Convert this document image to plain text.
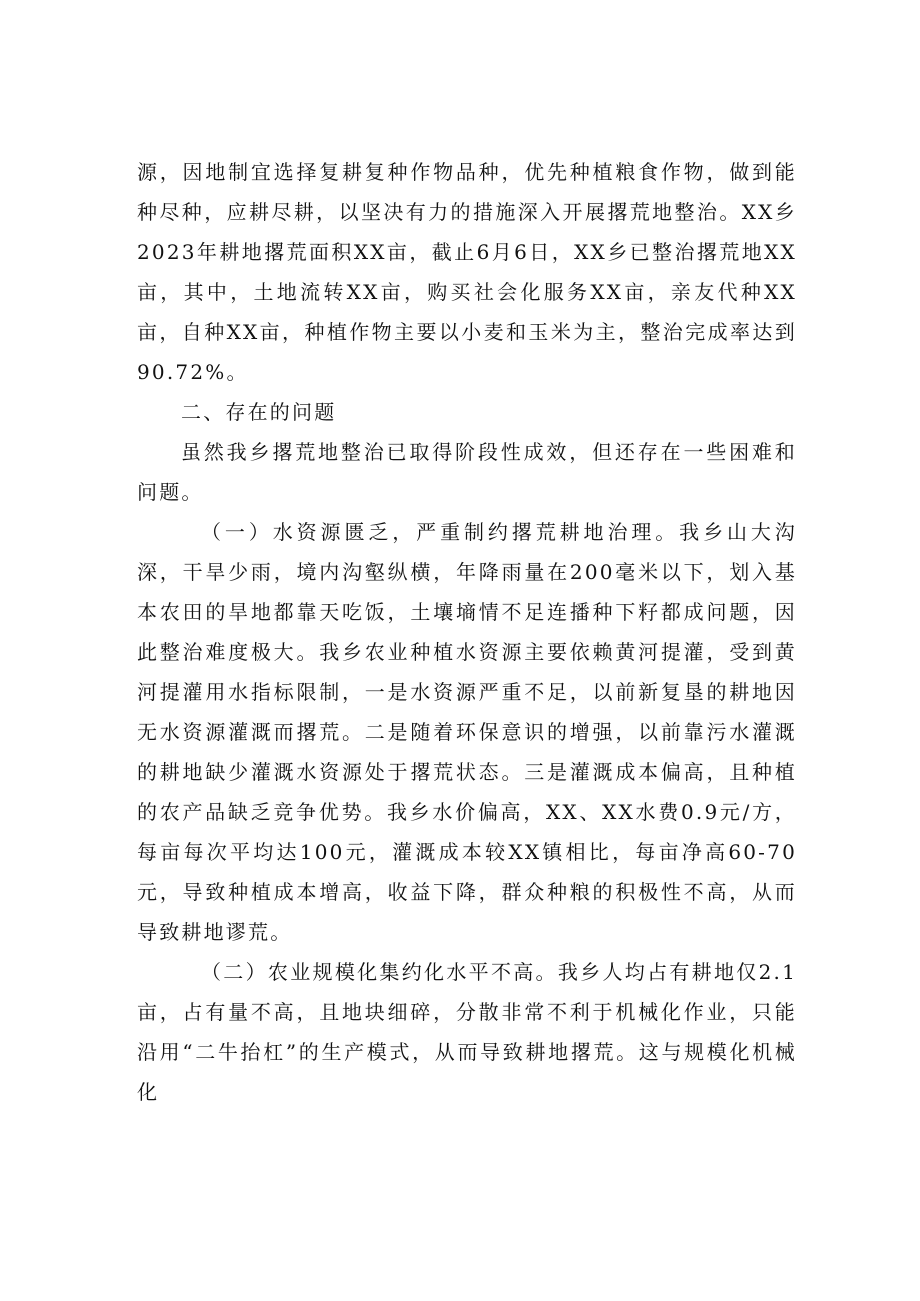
源，因地制宜选择复耕复种作物品种，优先种植粮食作物，做到能种尽种，应耕尽耕，以坚决有力的措施深入开展撂荒地整治。XX乡2023年耕地撂荒面积XX亩，截止6月6日，XX乡已整治撂荒地XX亩，其中，土地流转XX亩，购买社会化服务XX亩，亲友代种XX亩，自种XX亩，种植作物主要以小麦和玉米为主，整治完成率达到90.72%。

二、存在的问题

虽然我乡撂荒地整治已取得阶段性成效，但还存在一些困难和问题。

（一）水资源匮乏，严重制约撂荒耕地治理。我乡山大沟深，干旱少雨，境内沟壑纵横，年降雨量在200毫米以下，划入基本农田的旱地都靠天吃饭，土壤墒情不足连播种下籽都成问题，因此整治难度极大。我乡农业种植水资源主要依赖黄河提灌，受到黄河提灌用水指标限制，一是水资源严重不足，以前新复垦的耕地因无水资源灌溉而撂荒。二是随着环保意识的增强，以前靠污水灌溉的耕地缺少灌溉水资源处于撂荒状态。三是灌溉成本偏高，且种植的农产品缺乏竞争优势。我乡水价偏高，XX、XX水费0.9元/方，每亩每次平均达100元，灌溉成本较XX镇相比，每亩净高60-70元，导致种植成本增高，收益下降，群众种粮的积极性不高，从而导致耕地谬荒。

（二）农业规模化集约化水平不高。我乡人均占有耕地仅2.1亩，占有量不高，且地块细碎，分散非常不利于机械化作业，只能沿用“二牛抬杠”的生产模式，从而导致耕地撂荒。这与规模化机械化
